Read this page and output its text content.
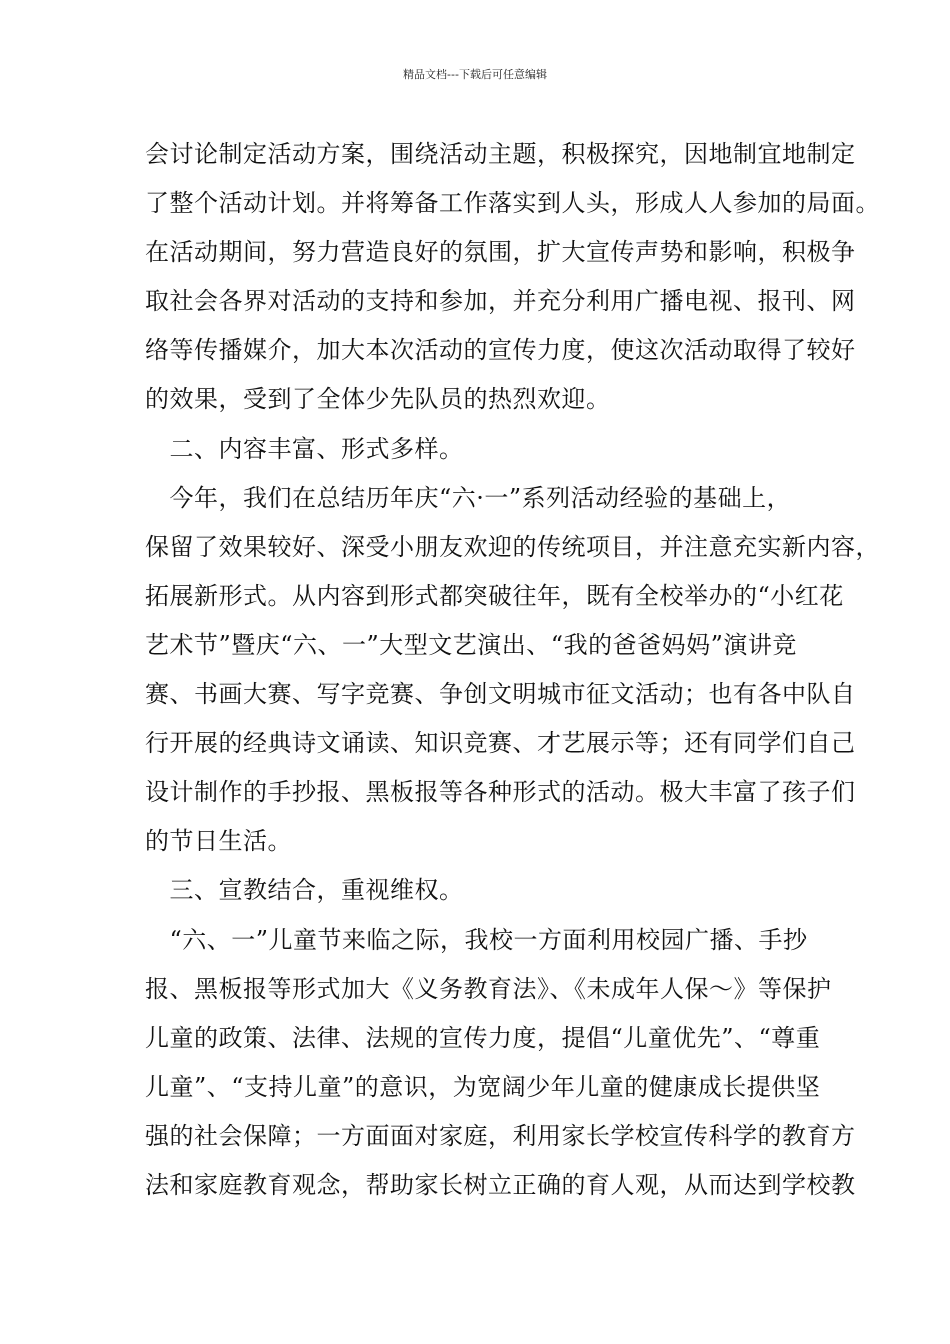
精品文档---下载后可任意编辑
会讨论制定活动方案，围绕活动主题，积极探究，因地制宜地制定
了整个活动计划。并将筹备工作落实到人头，形成人人参加的局面。
在活动期间，努力营造良好的氛围，扩大宣传声势和影响，积极争
取社会各界对活动的支持和参加，并充分利用广播电视、报刊、网
络等传播媒介，加大本次活动的宣传力度，使这次活动取得了较好
的效果，受到了全体少先队员的热烈欢迎。
　二、内容丰富、形式多样。
　今年，我们在总结历年庆“六·一”系列活动经验的基础上，
保留了效果较好、深受小朋友欢迎的传统项目，并注意充实新内容，
拓展新形式。从内容到形式都突破往年，既有全校举办的“小红花
艺术节”暨庆“六、一”大型文艺演出、“我的爸爸妈妈”演讲竞
赛、书画大赛、写字竞赛、争创文明城市征文活动；也有各中队自
行开展的经典诗文诵读、知识竞赛、才艺展示等；还有同学们自己
设计制作的手抄报、黑板报等各种形式的活动。极大丰富了孩子们
的节日生活。
　三、宣教结合，重视维权。
　“六、一”儿童节来临之际，我校一方面利用校园广播、手抄
报、黑板报等形式加大《义务教育法》、《未成年人保～》等保护
儿童的政策、法律、法规的宣传力度，提倡“儿童优先”、“尊重
儿童”、“支持儿童”的意识，为宽阔少年儿童的健康成长提供坚
强的社会保障；一方面面对家庭，利用家长学校宣传科学的教育方
法和家庭教育观念，帮助家长树立正确的育人观，从而达到学校教
